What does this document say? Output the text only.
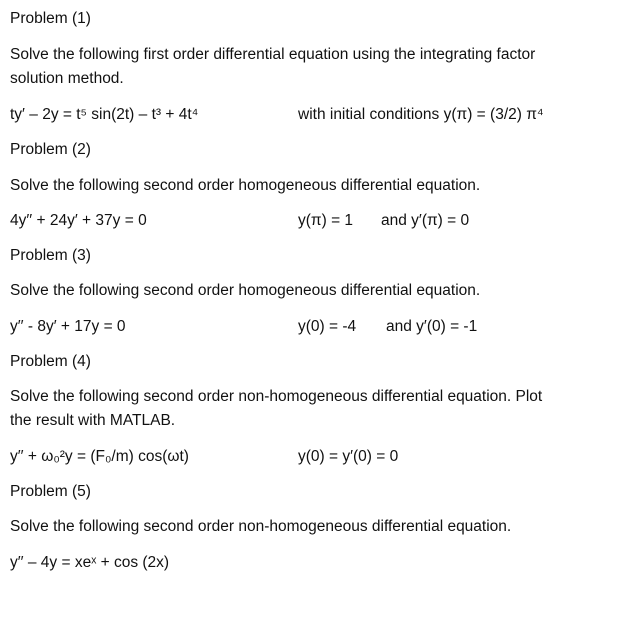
Problem (1)
Solve the following first order differential equation using the integrating factor
solution method.
ty′ – 2y = t⁵ sin(2t) – t³ + 4t⁴	with initial conditions y(π) = (3/2) π⁴
Problem (2)
Solve the following second order homogeneous differential equation.
4y′′ + 24y′ + 37y = 0	y(π) = 1 and y′(π) = 0
Problem (3)
Solve the following second order homogeneous differential equation.
y′′ - 8y′ + 17y = 0	y(0) = -4 and y′(0) = -1
Problem (4)
Solve the following second order non-homogeneous differential equation. Plot
the result with MATLAB.
y′′ + ω₀²y = (F₀/m) cos(ωt)	y(0) = y′(0) = 0
Problem (5)
Solve the following second order non-homogeneous differential equation.
y′′ – 4y = xeˣ + cos (2x)
